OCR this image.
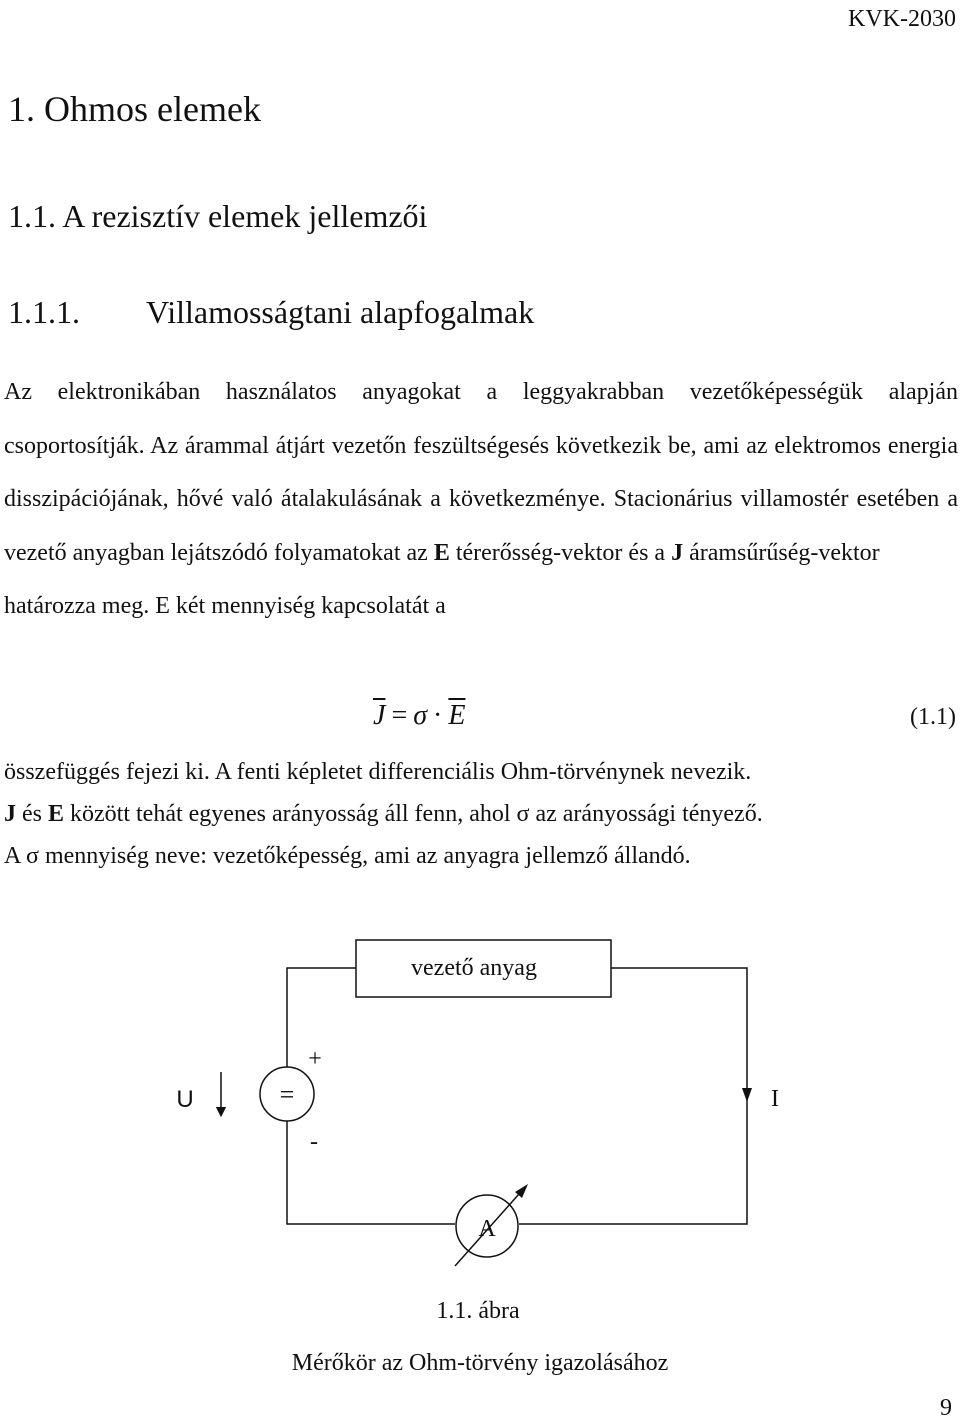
KVK-2030
1. Ohmos elemek
1.1. A rezisztív elemek jellemzői
1.1.1. Villamosságtani alapfogalmak
Az elektronikában használatos anyagokat a leggyakrabban vezetőképességük alapján csoportosítják. Az árammal átjárt vezetőn feszültségesés következik be, ami az elektromos energia disszipációjának, hővé való átalakulásának a következménye. Stacionárius villamostér esetében a vezető anyagban lejátszódó folyamatokat az E térerősség-vektor és a J áramsűrűség-vektor
határozza meg. E két mennyiség kapcsolatát a
$\overline{J} = \sigma \cdot \overline{E}$	(1.1)
összefüggés fejezi ki. A fenti képletet differenciális Ohm-törvénynek nevezik.
J és E között tehát egyenes arányosság áll fenn, ahol σ az arányossági tényező.
A σ mennyiség neve: vezetőképesség, ami az anyagra jellemző állandó.
vezető anyag
I
=
+
-
U
A
1.1. ábra
Mérőkör az Ohm-törvény igazolásához
9
